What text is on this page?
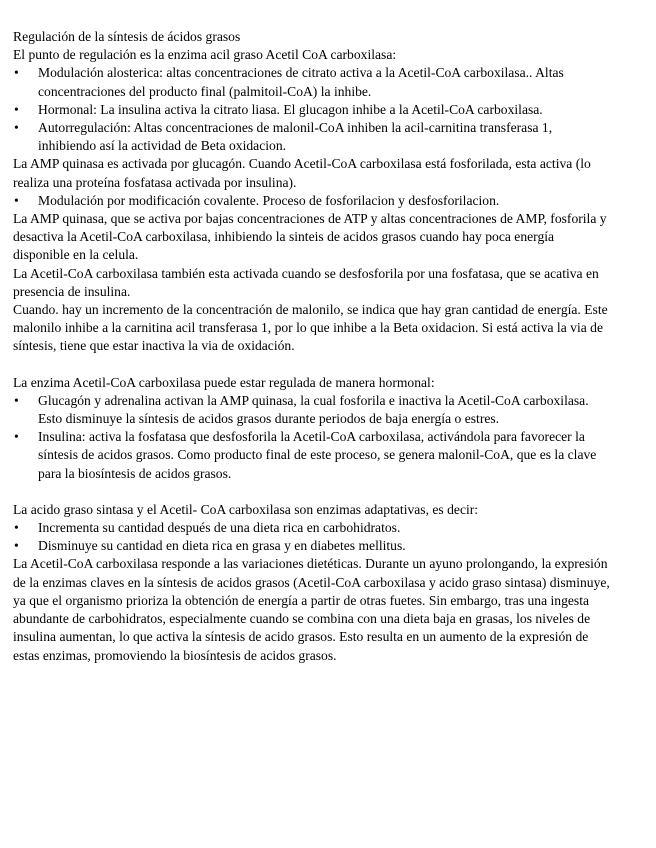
Regulación de la síntesis de ácidos grasos

El punto de regulación es la enzima acil graso Acetil CoA carboxilasa:

• Modulación alosterica: altas concentraciones de citrato activa a la Acetil-CoA carboxilasa.. Altas concentraciones del producto final (palmitoil-CoA) la inhibe.
• Hormonal: La insulina activa la citrato liasa. El glucagon inhibe a la Acetil-CoA carboxilasa.
• Autorregulación: Altas concentraciones de malonil-CoA inhiben la acil-carnitina transferasa 1, inhibiendo así la actividad de Beta oxidacion.

La AMP quinasa es activada por glucagón. Cuando Acetil-CoA carboxilasa está fosforilada, esta activa (lo realiza una proteína fosfatasa activada por insulina).

• Modulación por modificación covalente. Proceso de fosforilacion y desfosforilacion.

La AMP quinasa, que se activa por bajas concentraciones de ATP y altas concentraciones de AMP, fosforila y desactiva la Acetil-CoA carboxilasa, inhibiendo la sinteis de acidos grasos cuando hay poca energía disponible en la celula.

La Acetil-CoA carboxilasa también esta activada cuando se desfosforila por una fosfatasa, que se acativa en presencia de insulina.

Cuando. hay un incremento de la concentración de malonilo, se indica que hay gran cantidad de energía. Este malonilo inhibe a la carnitina acil transferasa 1, por lo que inhibe a la Beta oxidacion. Si está activa la via de síntesis, tiene que estar inactiva la via de oxidación.

La enzima Acetil-CoA carboxilasa puede estar regulada de manera hormonal:

• Glucagón y adrenalina activan la AMP quinasa, la cual fosforila e inactiva la Acetil-CoA carboxilasa. Esto disminuye la síntesis de acidos grasos durante periodos de baja energía o estres.
• Insulina: activa la fosfatasa que desfosforila la Acetil-CoA carboxilasa, activándola para favorecer la síntesis de acidos grasos. Como producto final de este proceso, se genera malonil-CoA, que es la clave para la biosíntesis de acidos grasos.

La acido graso sintasa y el Acetil- CoA carboxilasa son enzimas adaptativas, es decir:

• Incrementa su cantidad después de una dieta rica en carbohidratos.
• Disminuye su cantidad en dieta rica en grasa y en diabetes mellitus.

La Acetil-CoA carboxilasa responde a las variaciones dietéticas. Durante un ayuno prolongando, la expresión de la enzimas claves en la síntesis de acidos grasos (Acetil-CoA carboxilasa y acido graso sintasa) disminuye, ya que el organismo prioriza la obtención de energía a partir de otras fuetes. Sin embargo, tras una ingesta abundante de carbohidratos, especialmente cuando se combina con una dieta baja en grasas, los niveles de insulina aumentan, lo que activa la síntesis de acido grasos. Esto resulta en un aumento de la expresión de estas enzimas, promoviendo la biosíntesis de acidos grasos.
